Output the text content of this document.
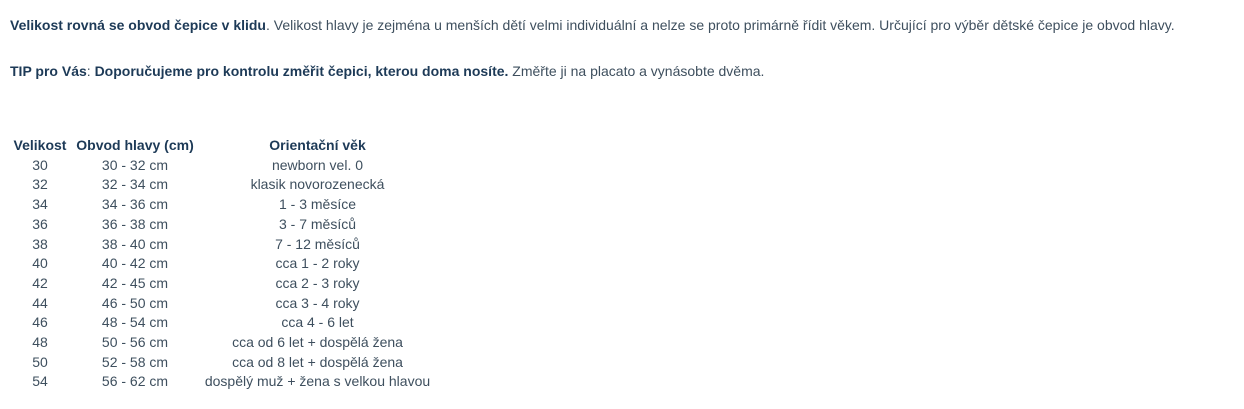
Velikost rovná se obvod čepice v klidu. Velikost hlavy je zejména u menších dětí velmi individuální a nelze se proto primárně řídit věkem. Určující pro výběr dětské čepice je obvod hlavy.

TIP pro Vás: Doporučujeme pro kontrolu změřit čepici, kterou doma nosíte. Změřte ji na placato a vynásobte dvěma.

Velikost	Obvod hlavy (cm)	Orientační věk
30	30 - 32 cm	newborn vel. 0
32	32 - 34 cm	klasik novorozenecká
34	34 - 36 cm	1 - 3 měsíce
36	36 - 38 cm	3 - 7 měsíců
38	38 - 40 cm	7 - 12 měsíců
40	40 - 42 cm	cca 1 - 2 roky
42	42 - 45 cm	cca 2 - 3 roky
44	46 - 50 cm	cca 3 - 4 roky
46	48 - 54 cm	cca 4 - 6 let
48	50 - 56 cm	cca od 6 let + dospělá žena
50	52 - 58 cm	cca od 8 let + dospělá žena
54	56 - 62 cm	dospělý muž + žena s velkou hlavou
